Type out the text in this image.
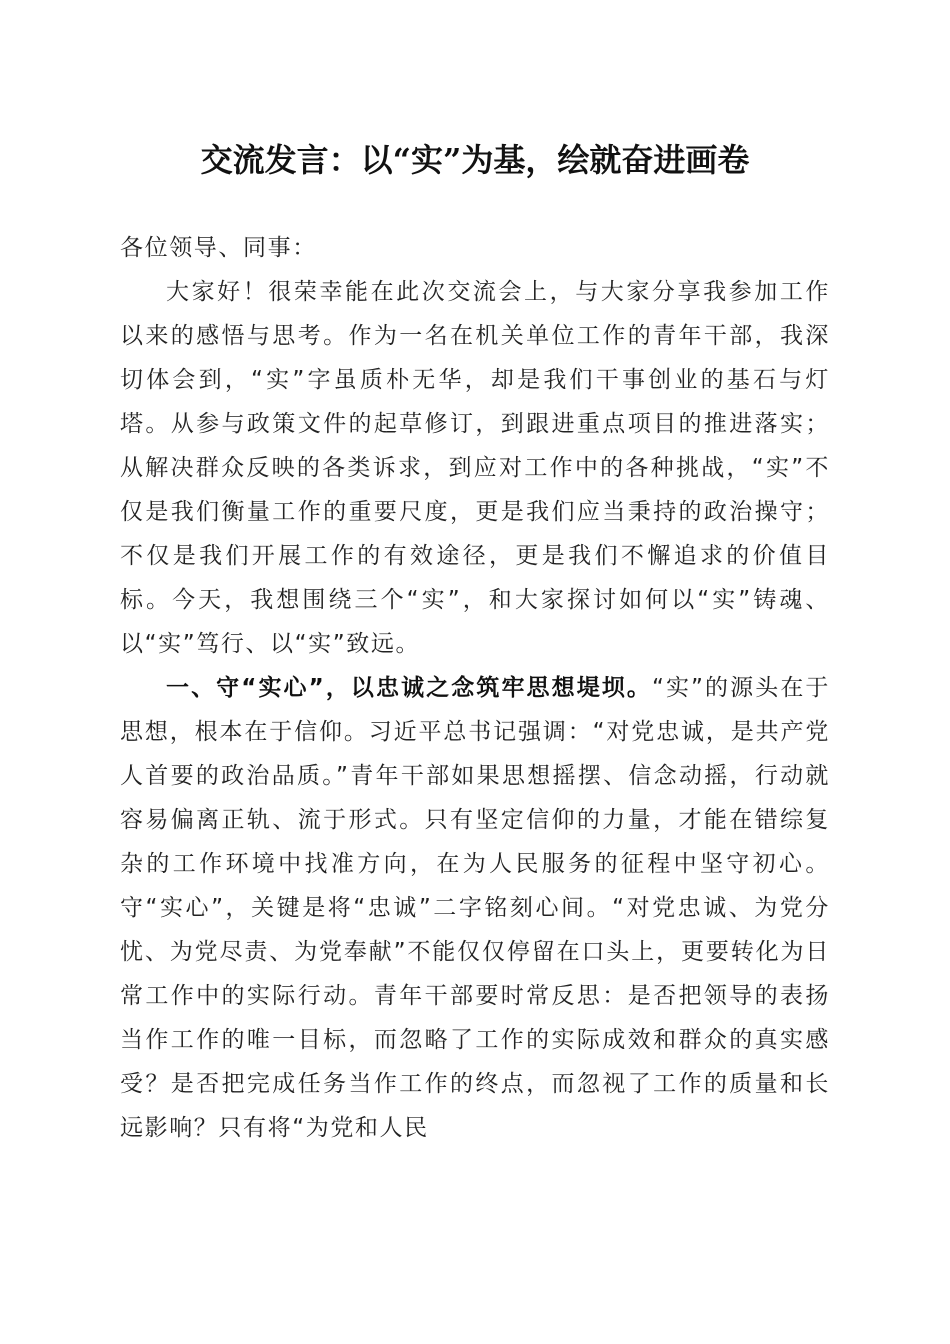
交流发言：以“实”为基，绘就奋进画卷

各位领导、同事：

大家好！很荣幸能在此次交流会上，与大家分享我参加工作以来的感悟与思考。作为一名在机关单位工作的青年干部，我深切体会到，“实”字虽质朴无华，却是我们干事创业的基石与灯塔。从参与政策文件的起草修订，到跟进重点项目的推进落实；从解决群众反映的各类诉求，到应对工作中的各种挑战，“实”不仅是我们衡量工作的重要尺度，更是我们应当秉持的政治操守；不仅是我们开展工作的有效途径，更是我们不懈追求的价值目标。今天，我想围绕三个“实”，和大家探讨如何以“实”铸魂、以“实”笃行、以“实”致远。

一、守“实心”，以忠诚之念筑牢思想堤坝。“实”的源头在于思想，根本在于信仰。习近平总书记强调：“对党忠诚，是共产党人首要的政治品质。”青年干部如果思想摇摆、信念动摇，行动就容易偏离正轨、流于形式。只有坚定信仰的力量，才能在错综复杂的工作环境中找准方向，在为人民服务的征程中坚守初心。守“实心”，关键是将“忠诚”二字铭刻心间。“对党忠诚、为党分忧、为党尽责、为党奉献”不能仅仅停留在口头上，更要转化为日常工作中的实际行动。青年干部要时常反思：是否把领导的表扬当作工作的唯一目标，而忽略了工作的实际成效和群众的真实感受？是否把完成任务当作工作的终点，而忽视了工作的质量和长远影响？只有将“为党和人民
